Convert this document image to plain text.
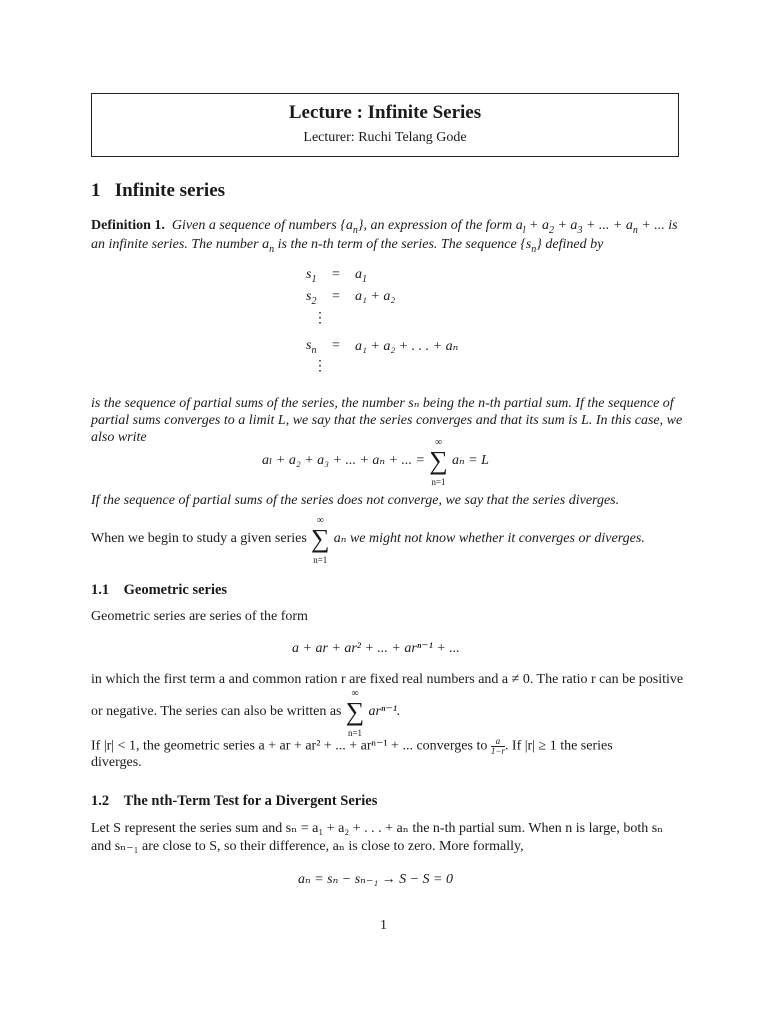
Lecture : Infinite Series
Lecturer: Ruchi Telang Gode
1 Infinite series
Definition 1. Given a sequence of numbers $\{a_n\}$, an expression of the form $a_l + a_2 + a_3$ + ... + $a_n$ + ... is
an infinite series. The number $a_n$ is the n-th term of the series. The sequence $\{s_n\}$ defined by
$s_1 = a_1$
$s_2 = a_1 + a_2$
⋮
$s_n = a_1 + a_2$ + . . . + aₙ
⋮
is the sequence of partial sums of the series, the number sₙ being the n-th partial sum. If the sequence of
partial sums converges to a limit L, we say that the series converges and that its sum is L. In this case, we
also write
aₗ + a₂ + a₃ + ... + aₙ + ... =
∞
∑
n=1
aₙ = L
If the sequence of partial sums of the series does not converge, we say that the series diverges.
When we begin to study a given series
∞
∑
n=1
aₙ we might not know whether it converges or diverges.
1.1 Geometric series
Geometric series are series of the form
a + ar + ar² + ... + arⁿ⁻¹ + ...
in which the first term a and common ration r are fixed real numbers and a ≠ 0. The ratio r can be positive
or negative. The series can also be written as
∞
∑
n=1
arⁿ⁻¹.
If |r| < 1, the geometric series a + ar + ar² + ... + arⁿ⁻¹ + ... converges to $\frac{a}{1-r}$ . If |r| ≥ 1 the series
diverges.
1.2 The nth-Term Test for a Divergent Series
Let S represent the series sum and sₙ = a₁ + a₂ + . . . + aₙ the n-th partial sum. When n is large, both sₙ
and sₙ₋₁ are close to S, so their difference, aₙ is close to zero. More formally,
aₙ = sₙ − sₙ₋₁ → S − S = 0
1
